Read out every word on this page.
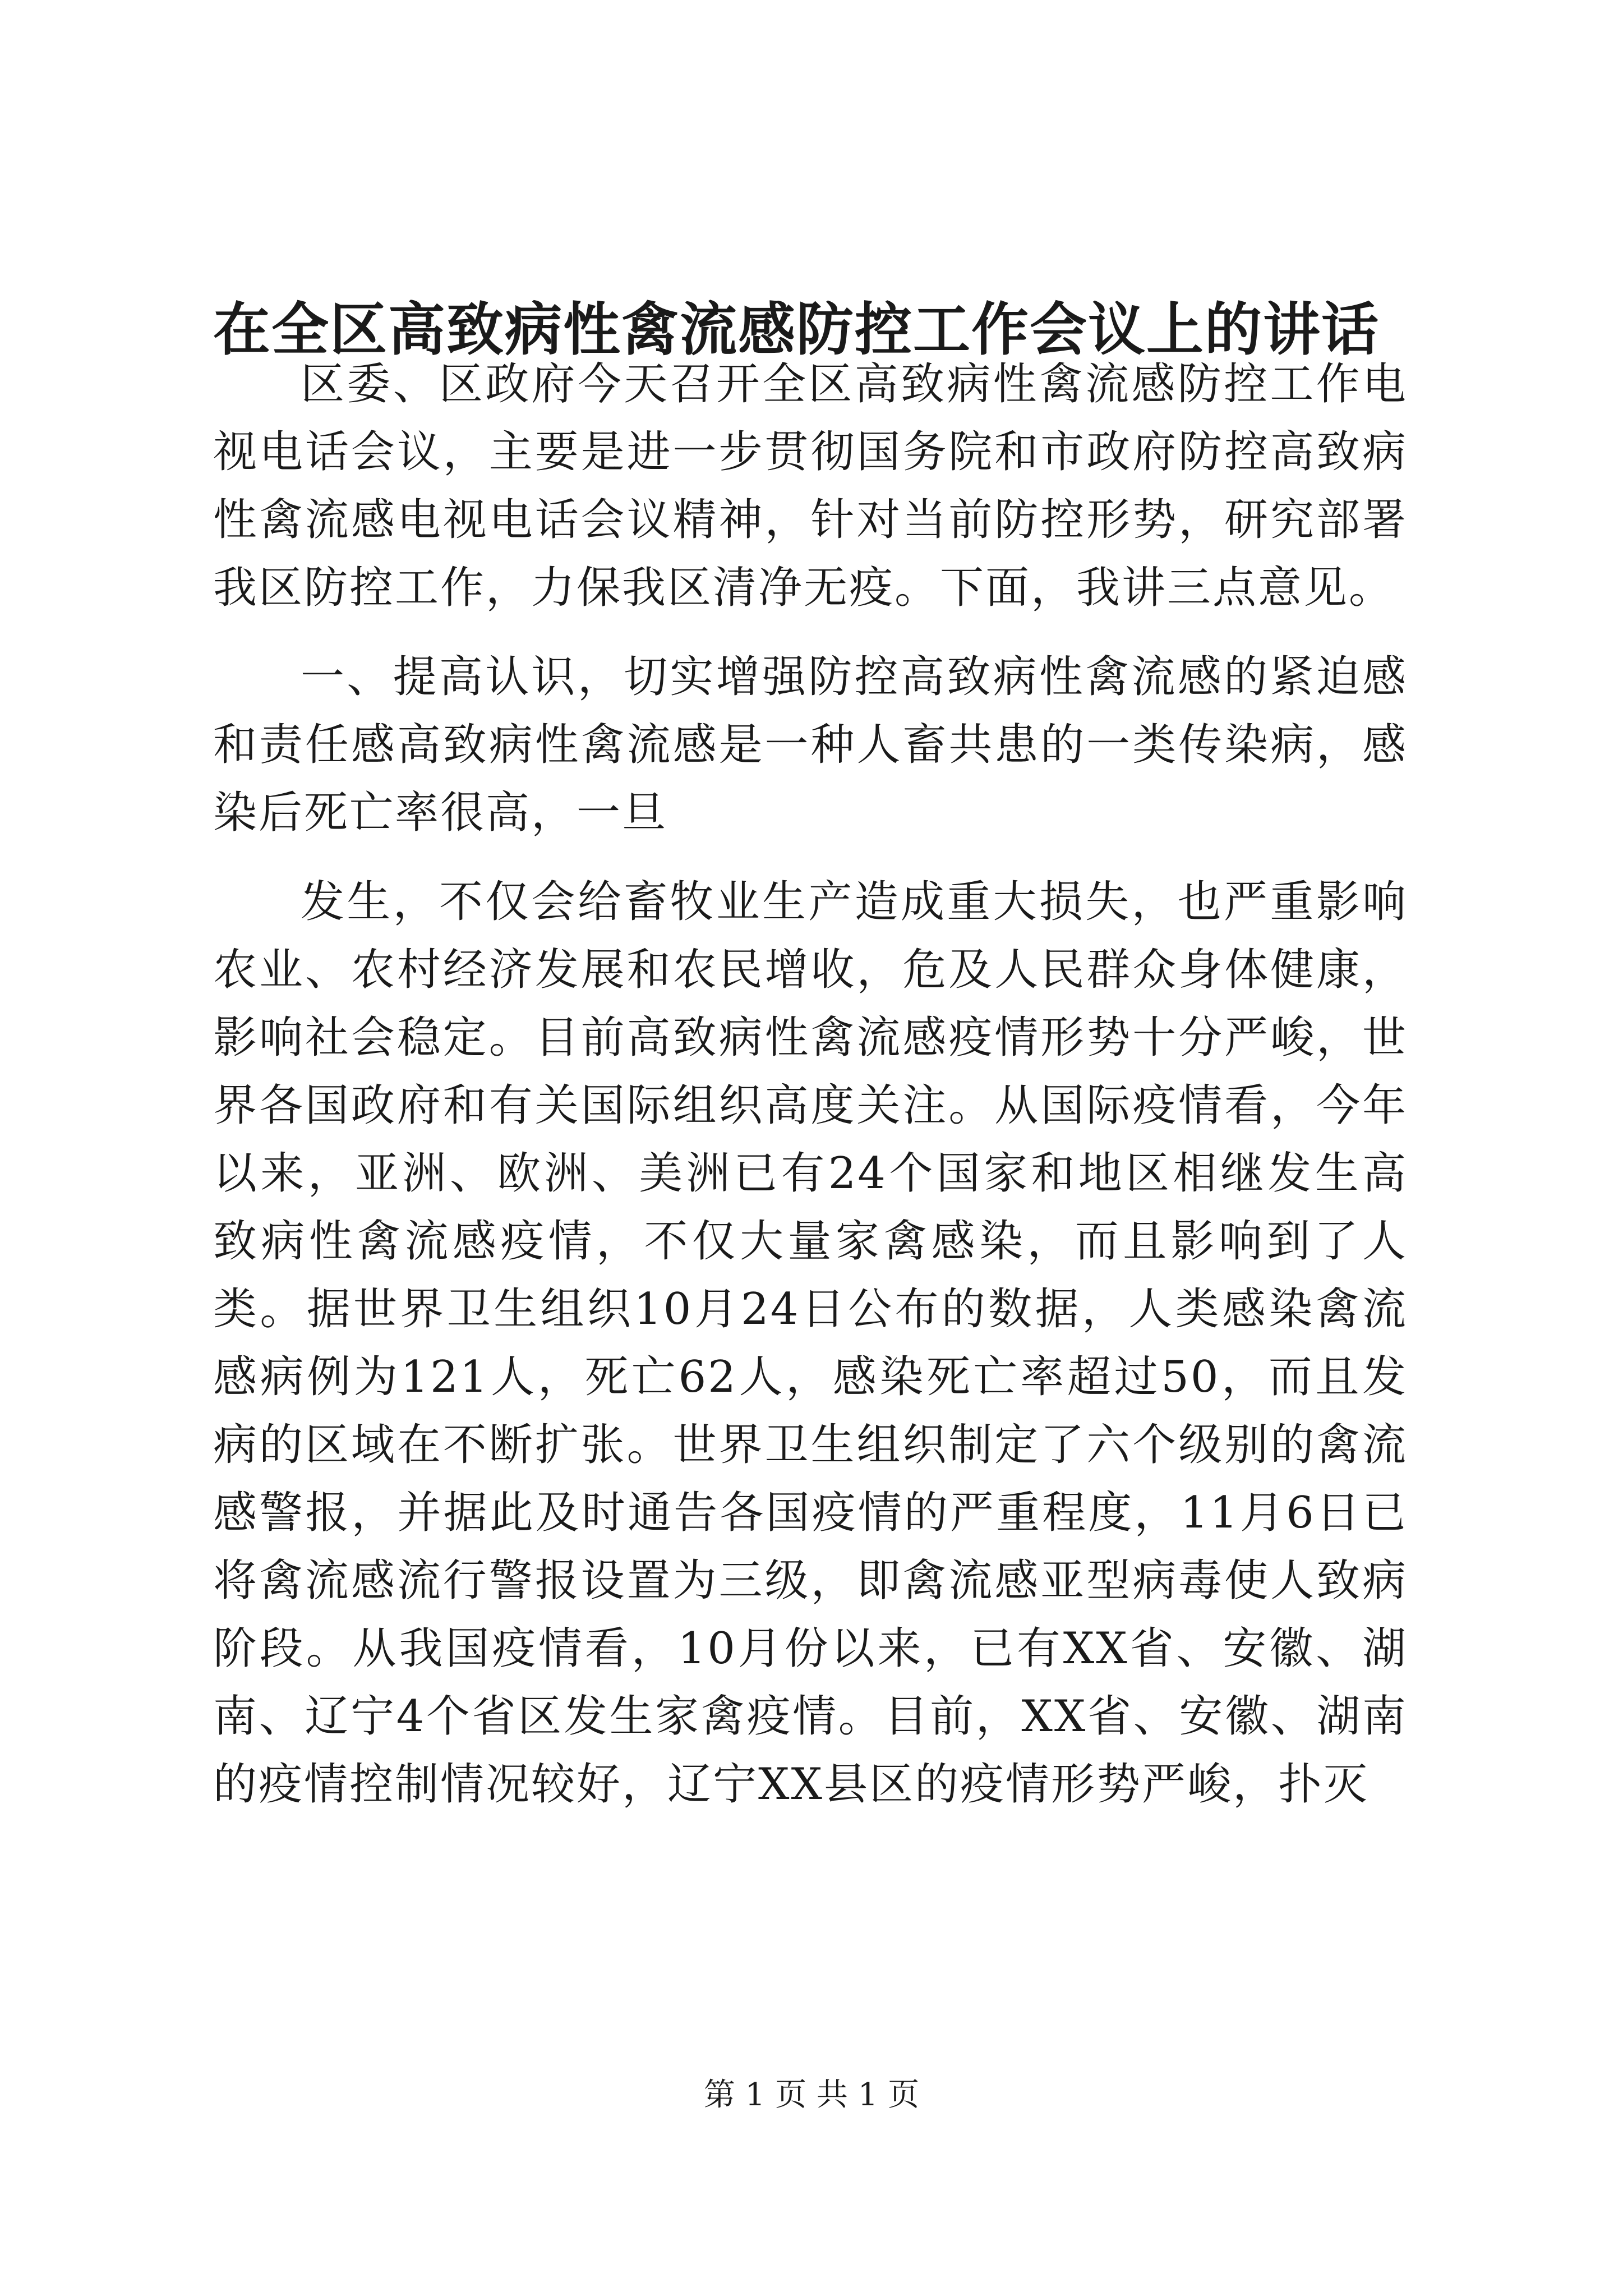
在全区高致病性禽流感防控工作会议上的讲话

区委、区政府今天召开全区高致病性禽流感防控工作电视电话会议，主要是进一步贯彻国务院和市政府防控高致病性禽流感电视电话会议精神，针对当前防控形势，研究部署我区防控工作，力保我区清净无疫。下面，我讲三点意见。

一、提高认识，切实增强防控高致病性禽流感的紧迫感和责任感高致病性禽流感是一种人畜共患的一类传染病，感染后死亡率很高，一旦

发生，不仅会给畜牧业生产造成重大损失，也严重影响农业、农村经济发展和农民增收，危及人民群众身体健康，影响社会稳定。目前高致病性禽流感疫情形势十分严峻，世界各国政府和有关国际组织高度关注。从国际疫情看，今年以来，亚洲、欧洲、美洲已有24个国家和地区相继发生高致病性禽流感疫情，不仅大量家禽感染，而且影响到了人类。据世界卫生组织10月24日公布的数据，人类感染禽流感病例为121人，死亡62人，感染死亡率超过50，而且发病的区域在不断扩张。世界卫生组织制定了六个级别的禽流感警报，并据此及时通告各国疫情的严重程度，11月6日已将禽流感流行警报设置为三级，即禽流感亚型病毒使人致病阶段。从我国疫情看，10月份以来，已有XX省、安徽、湖南、辽宁4个省区发生家禽疫情。目前，XX省、安徽、湖南的疫情控制情况较好，辽宁XX县区的疫情形势严峻，扑灭

第 1 页 共 1 页
